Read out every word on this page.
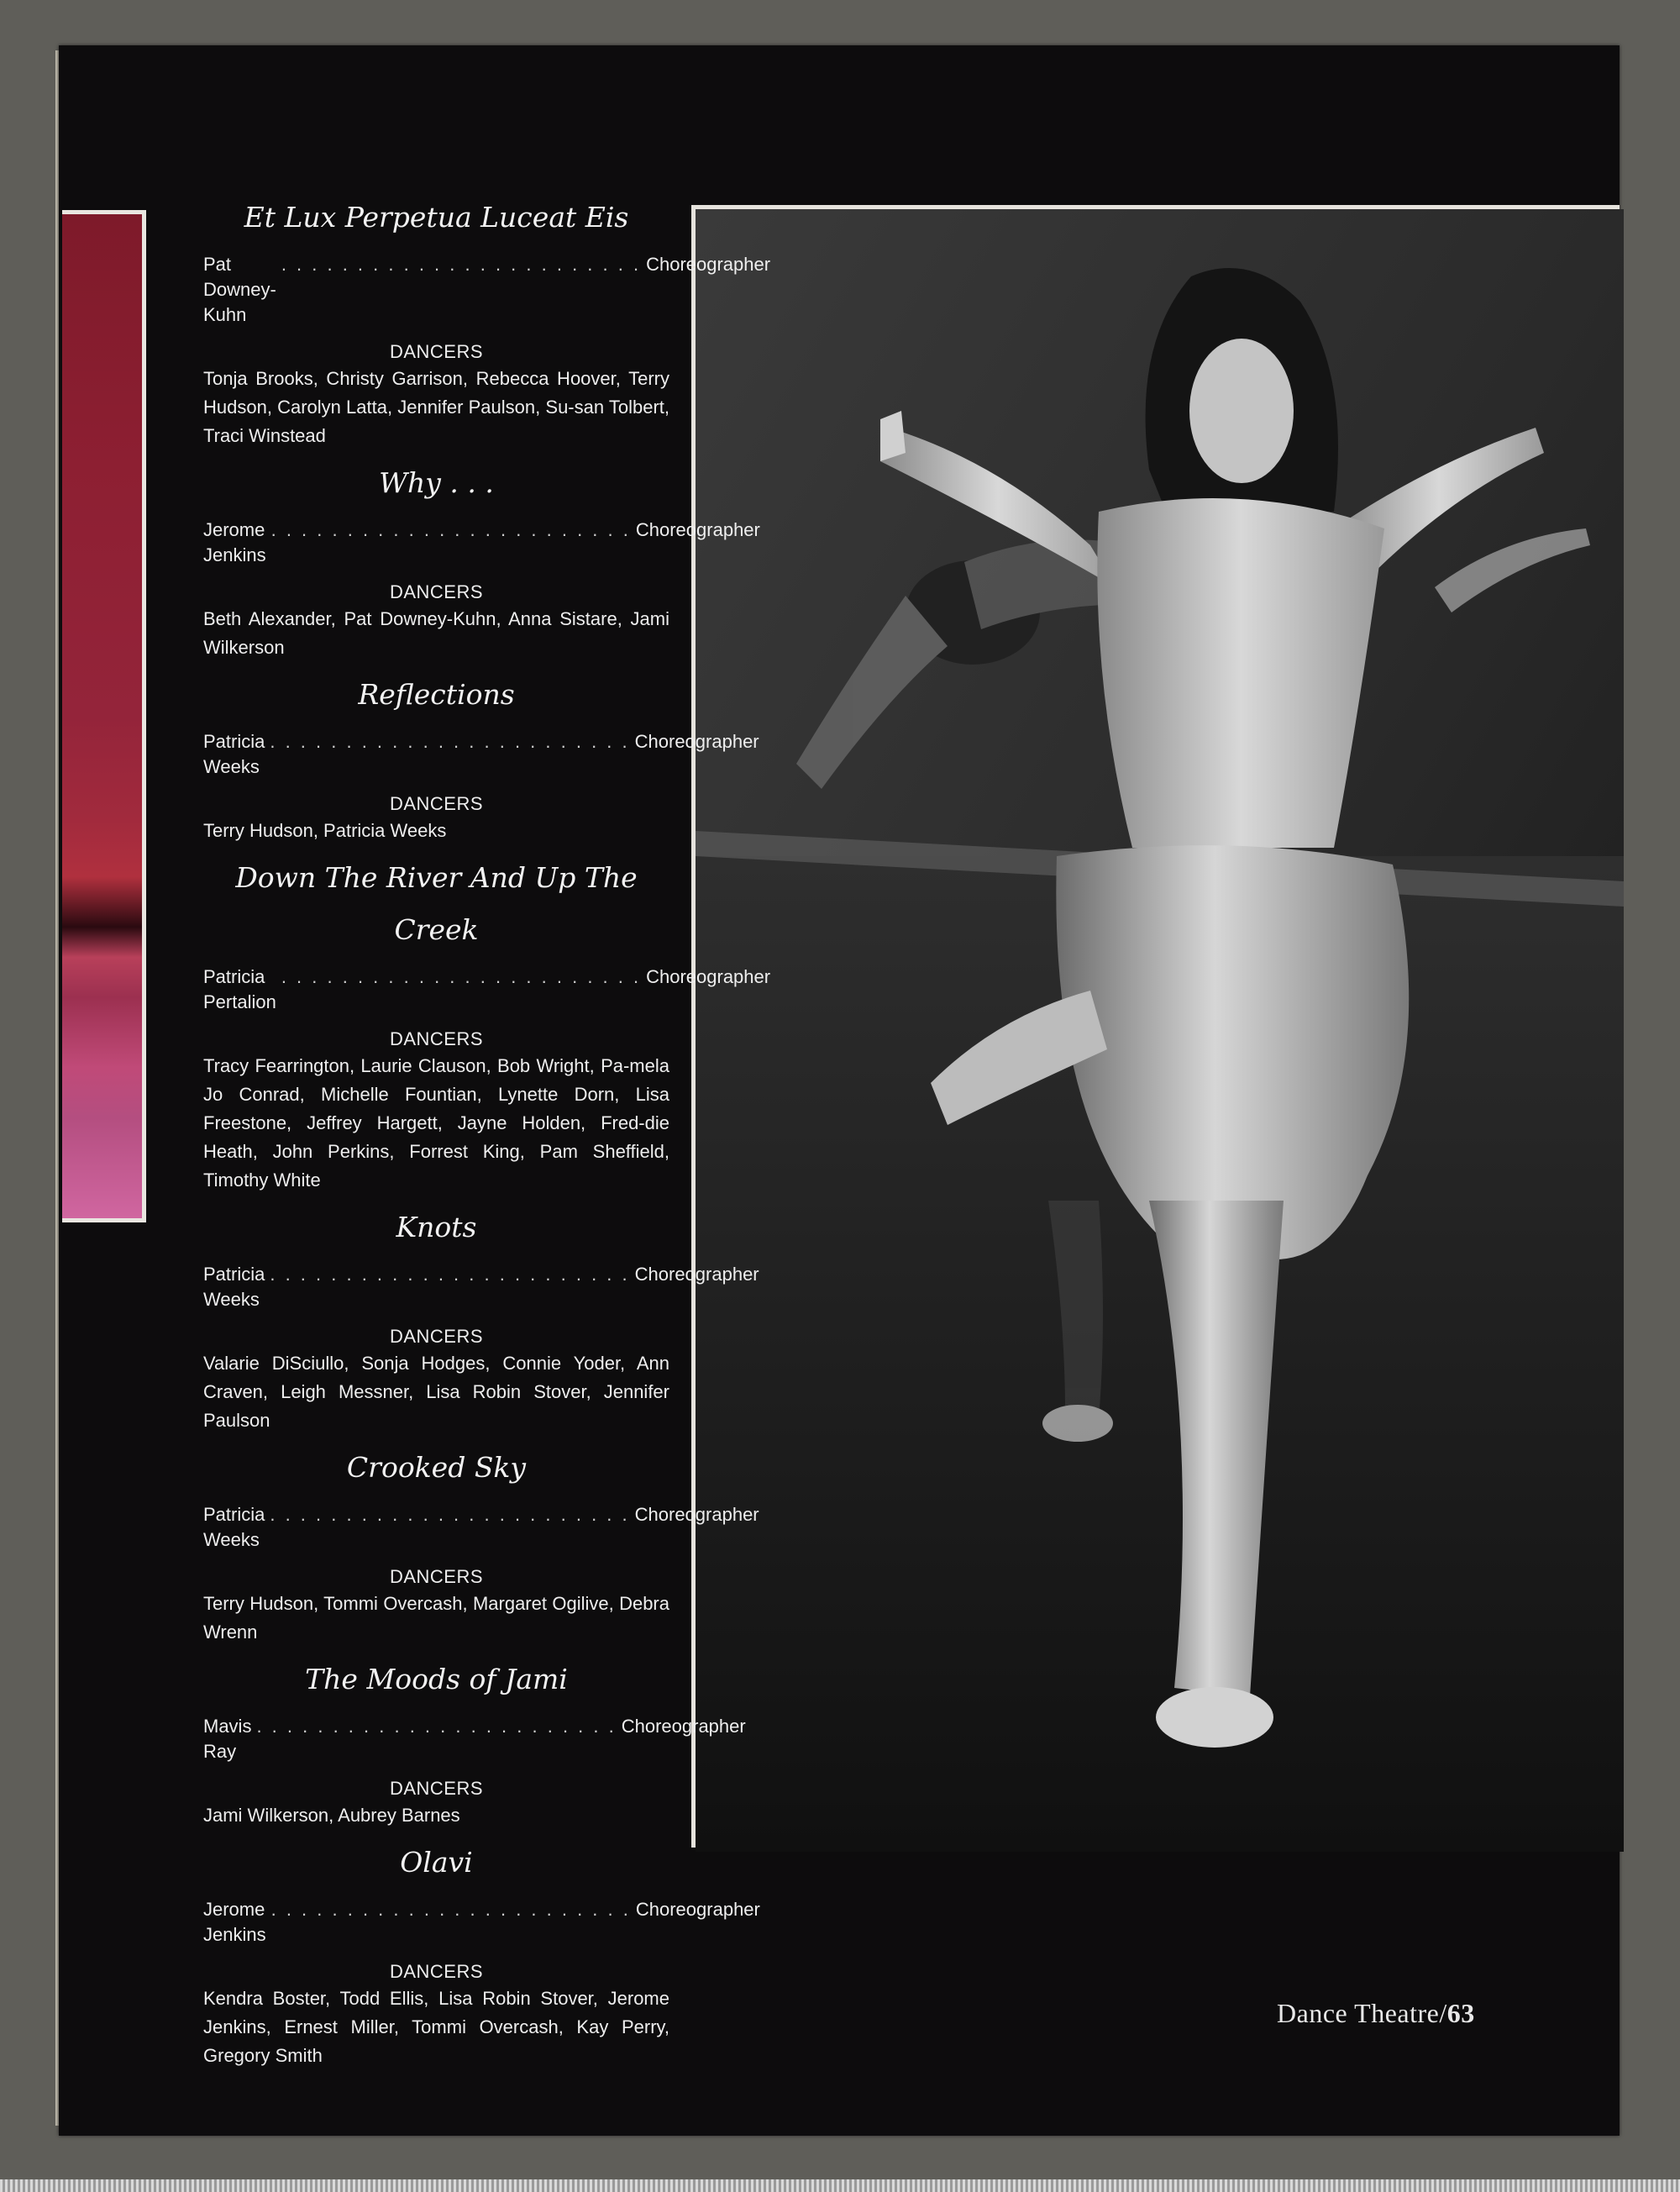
Et Lux Perpetua Luceat Eis
Pat Downey-Kuhn
. . . . . . . . . . . . . . . . . . . . . . . . Choreographer
DANCERS
Tonja Brooks, Christy Garrison, Rebecca Hoover, Terry Hudson, Carolyn Latta, Jennifer Paulson, Su-san Tolbert, Traci Winstead
Why . . .
Jerome Jenkins
. . . . . . . . . . . . . . . . . . . . . . . . Choreographer
DANCERS
Beth Alexander, Pat Downey-Kuhn, Anna Sistare, Jami Wilkerson
Reflections
Patricia Weeks
. . . . . . . . . . . . . . . . . . . . . . . . Choreographer
DANCERS
Terry Hudson, Patricia Weeks
Down The River And Up The Creek
Patricia Pertalion
. . . . . . . . . . . . . . . . . . . . . . . . Choreographer
DANCERS
Tracy Fearrington, Laurie Clauson, Bob Wright, Pa-mela Jo Conrad, Michelle Fountian, Lynette Dorn, Lisa Freestone, Jeffrey Hargett, Jayne Holden, Fred-die Heath, John Perkins, Forrest King, Pam Sheffield, Timothy White
Knots
Patricia Weeks
. . . . . . . . . . . . . . . . . . . . . . . . Choreographer
DANCERS
Valarie DiSciullo, Sonja Hodges, Connie Yoder, Ann Craven, Leigh Messner, Lisa Robin Stover, Jennifer Paulson
Crooked Sky
Patricia Weeks
. . . . . . . . . . . . . . . . . . . . . . . . Choreographer
DANCERS
Terry Hudson, Tommi Overcash, Margaret Ogilive, Debra Wrenn
The Moods of Jami
Mavis Ray
. . . . . . . . . . . . . . . . . . . . . . . . Choreographer
DANCERS
Jami Wilkerson, Aubrey Barnes
Olavi
Jerome Jenkins
. . . . . . . . . . . . . . . . . . . . . . . . Choreographer
DANCERS
Kendra Boster, Todd Ellis, Lisa Robin Stover, Jerome Jenkins, Ernest Miller, Tommi Overcash, Kay Perry, Gregory Smith
Dance Theatre/63
